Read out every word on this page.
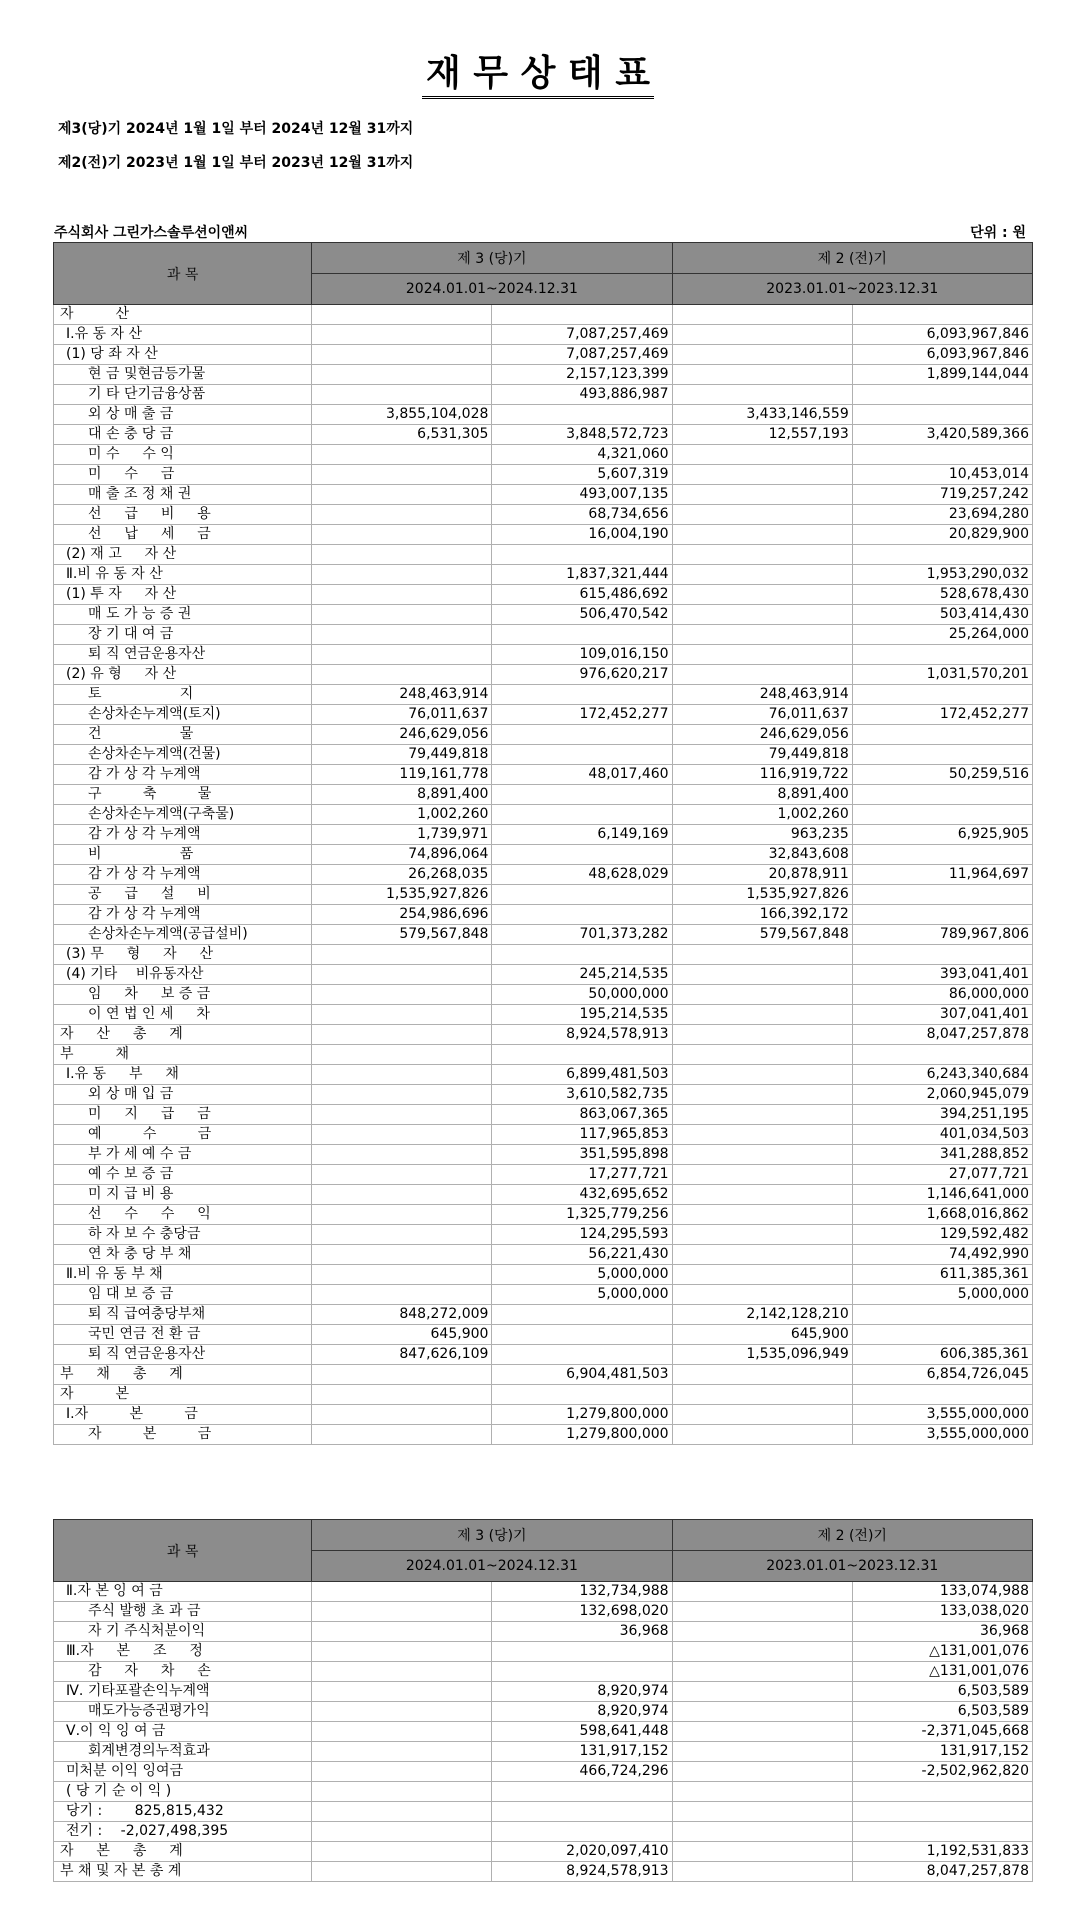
재 무 상 태 표
제3(당)기 2024년 1월 1일 부터 2024년 12월 31까지
제2(전)기 2023년 1월 1일 부터 2023년 12월 31까지
주식회사 그린가스솔루션이앤씨	단위 : 원
과 목	제 3 (당)기		제 2 (전)기	
	2024.01.01~2024.12.31		2023.01.01~2023.12.31	
자　　　산				
Ⅰ.유 동 자 산		7,087,257,469		6,093,967,846
(1) 당 좌 자 산		7,087,257,469		6,093,967,846
현 금 및현금등가물		2,157,123,399		1,899,144,044
기 타 단기금융상품		493,886,987		
외 상 매 출 금	3,855,104,028		3,433,146,559	
대 손 충 당 금	6,531,305	3,848,572,723	12,557,193	3,420,589,366
미 수 　 수 익		4,321,060		
미 　 수 　 금		5,607,319		10,453,014
매 출 조 정 채 권		493,007,135		719,257,242
선 　 급 　 비 　 용		68,734,656		23,694,280
선 　 납 　 세 　 금		16,004,190		20,829,900
(2) 재 고 　 자 산				
Ⅱ.비 유 동 자 산		1,837,321,444		1,953,290,032
(1) 투 자 　 자 산		615,486,692		528,678,430
매 도 가 능 증 권		506,470,542		503,414,430
장 기 대 여 금				25,264,000
퇴 직 연금운용자산		109,016,150		
(2) 유 형 　 자 산		976,620,217		1,031,570,201
토 　 　 　 　 지	248,463,914		248,463,914	
손상차손누계액(토지)	76,011,637	172,452,277	76,011,637	172,452,277
건 　 　 　 　 물	246,629,056		246,629,056	
손상차손누계액(건물)	79,449,818		79,449,818	
감 가 상 각 누계액	119,161,778	48,017,460	116,919,722	50,259,516
구 　 　 축 　 　 물	8,891,400		8,891,400	
손상차손누계액(구축물)	1,002,260		1,002,260	
감 가 상 각 누계액	1,739,971	6,149,169	963,235	6,925,905
비 　 　 　 　 품	74,896,064		32,843,608	
감 가 상 각 누계액	26,268,035	48,628,029	20,878,911	11,964,697
공 　 급 　 설 　 비	1,535,927,826		1,535,927,826	
감 가 상 각 누계액	254,986,696		166,392,172	
손상차손누계액(공급설비)	579,567,848	701,373,282	579,567,848	789,967,806
(3) 무 　 형 　 자 　 산				
(4) 기타 　비유동자산		245,214,535		393,041,401
임 　 차 　 보 증 금		50,000,000		86,000,000
이 연 법 인 세 　 차		195,214,535		307,041,401
자 　 산 　 총 　 계		8,924,578,913		8,047,257,878
부　　　채				
Ⅰ.유 동 　 부 　 채		6,899,481,503		6,243,340,684
외 상 매 입 금		3,610,582,735		2,060,945,079
미 　 지 　 급 　 금		863,067,365		394,251,195
예 　 　 수 　 　 금		117,965,853		401,034,503
부 가 세 예 수 금		351,595,898		341,288,852
예 수 보 증 금		17,277,721		27,077,721
미 지 급 비 용		432,695,652		1,146,641,000
선 　 수 　 수 　 익		1,325,779,256		1,668,016,862
하 자 보 수 충당금		124,295,593		129,592,482
연 차 충 당 부 채		56,221,430		74,492,990
Ⅱ.비 유 동 부 채		5,000,000		611,385,361
임 대 보 증 금		5,000,000		5,000,000
퇴 직 급여충당부채	848,272,009		2,142,128,210	
국민 연금 전 환 금	645,900		645,900	
퇴 직 연금운용자산	847,626,109		1,535,096,949	606,385,361
부 　 채 　 총 　 계		6,904,481,503		6,854,726,045
자　　　본				
Ⅰ.자 　 　 본 　 　 금		1,279,800,000		3,555,000,000
자 　 　 본 　 　 금		1,279,800,000		3,555,000,000
과 목	제 3 (당)기		제 2 (전)기	
	2024.01.01~2024.12.31		2023.01.01~2023.12.31	
Ⅱ.자 본 잉 여 금		132,734,988		133,074,988
주식 발행 초 과 금		132,698,020		133,038,020
자 기 주식처분이익		36,968		36,968
Ⅲ.자 　 본 　 조 　 정				△131,001,076
감 　 자 　 차 　 손				△131,001,076
Ⅳ. 기타포괄손익누계액		8,920,974		6,503,589
매도가능증권평가익		8,920,974		6,503,589
Ⅴ.이 익 잉 여 금		598,641,448		-2,371,045,668
회계변경의누적효과		131,917,152		131,917,152
미처분 이익 잉여금		466,724,296		-2,502,962,820
( 당 기 순 이 익 )				
당기 :　　 825,815,432				
전기 :　 -2,027,498,395				
자 　 본 　 총 　 계		2,020,097,410		1,192,531,833
부 채 및 자 본 총 계		8,924,578,913		8,047,257,878
